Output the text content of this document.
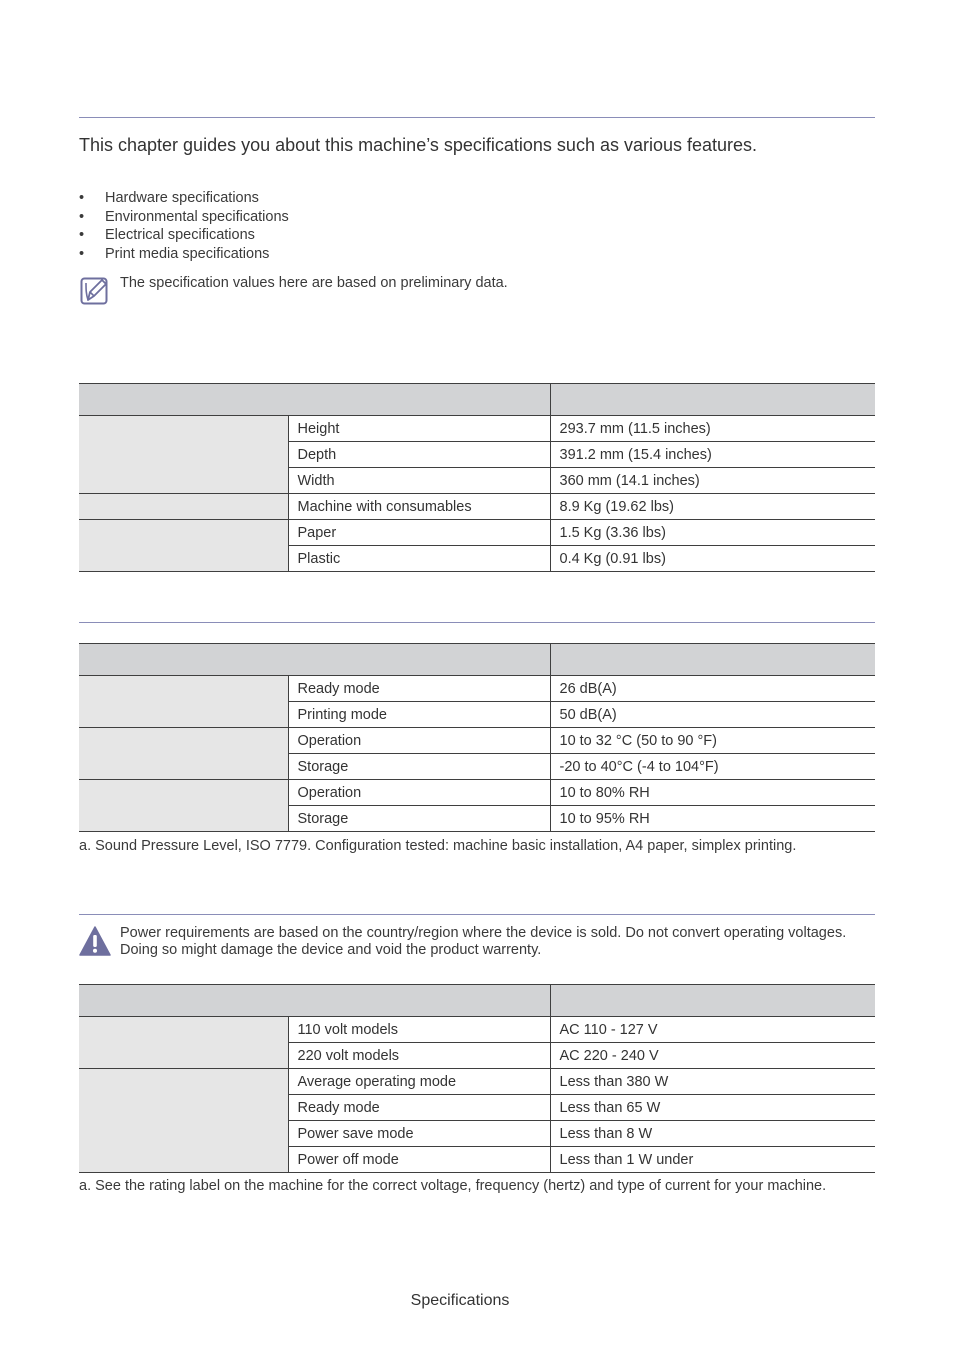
This chapter guides you about this machine’s specifications such as various features.
• Hardware specifications
• Environmental specifications
• Electrical specifications
• Print media specifications
The specification values here are based on preliminary data.

	Height	293.7 mm (11.5 inches)
	Depth	391.2 mm (15.4 inches)
	Width	360 mm (14.1 inches)
	Machine with consumables	8.9 Kg (19.62 lbs)
	Paper	1.5 Kg (3.36 lbs)
	Plastic	0.4 Kg (0.91 lbs)

	Ready mode	26 dB(A)
	Printing mode	50 dB(A)
	Operation	10 to 32 °C (50 to 90 °F)
	Storage	-20 to 40°C (-4 to 104°F)
	Operation	10 to 80% RH
	Storage	10 to 95% RH
a. Sound Pressure Level, ISO 7779. Configuration tested: machine basic installation, A4 paper, simplex printing.
Power requirements are based on the country/region where the device is sold. Do not convert operating voltages. Doing so might damage the device and void the product warrenty.

	110 volt models	AC 110 - 127 V
	220 volt models	AC 220 - 240 V
	Average operating mode	Less than 380 W
	Ready mode	Less than 65 W
	Power save mode	Less than 8 W
	Power off mode	Less than 1 W under
a. See the rating label on the machine for the correct voltage, frequency (hertz) and type of current for your machine.
Specifications
